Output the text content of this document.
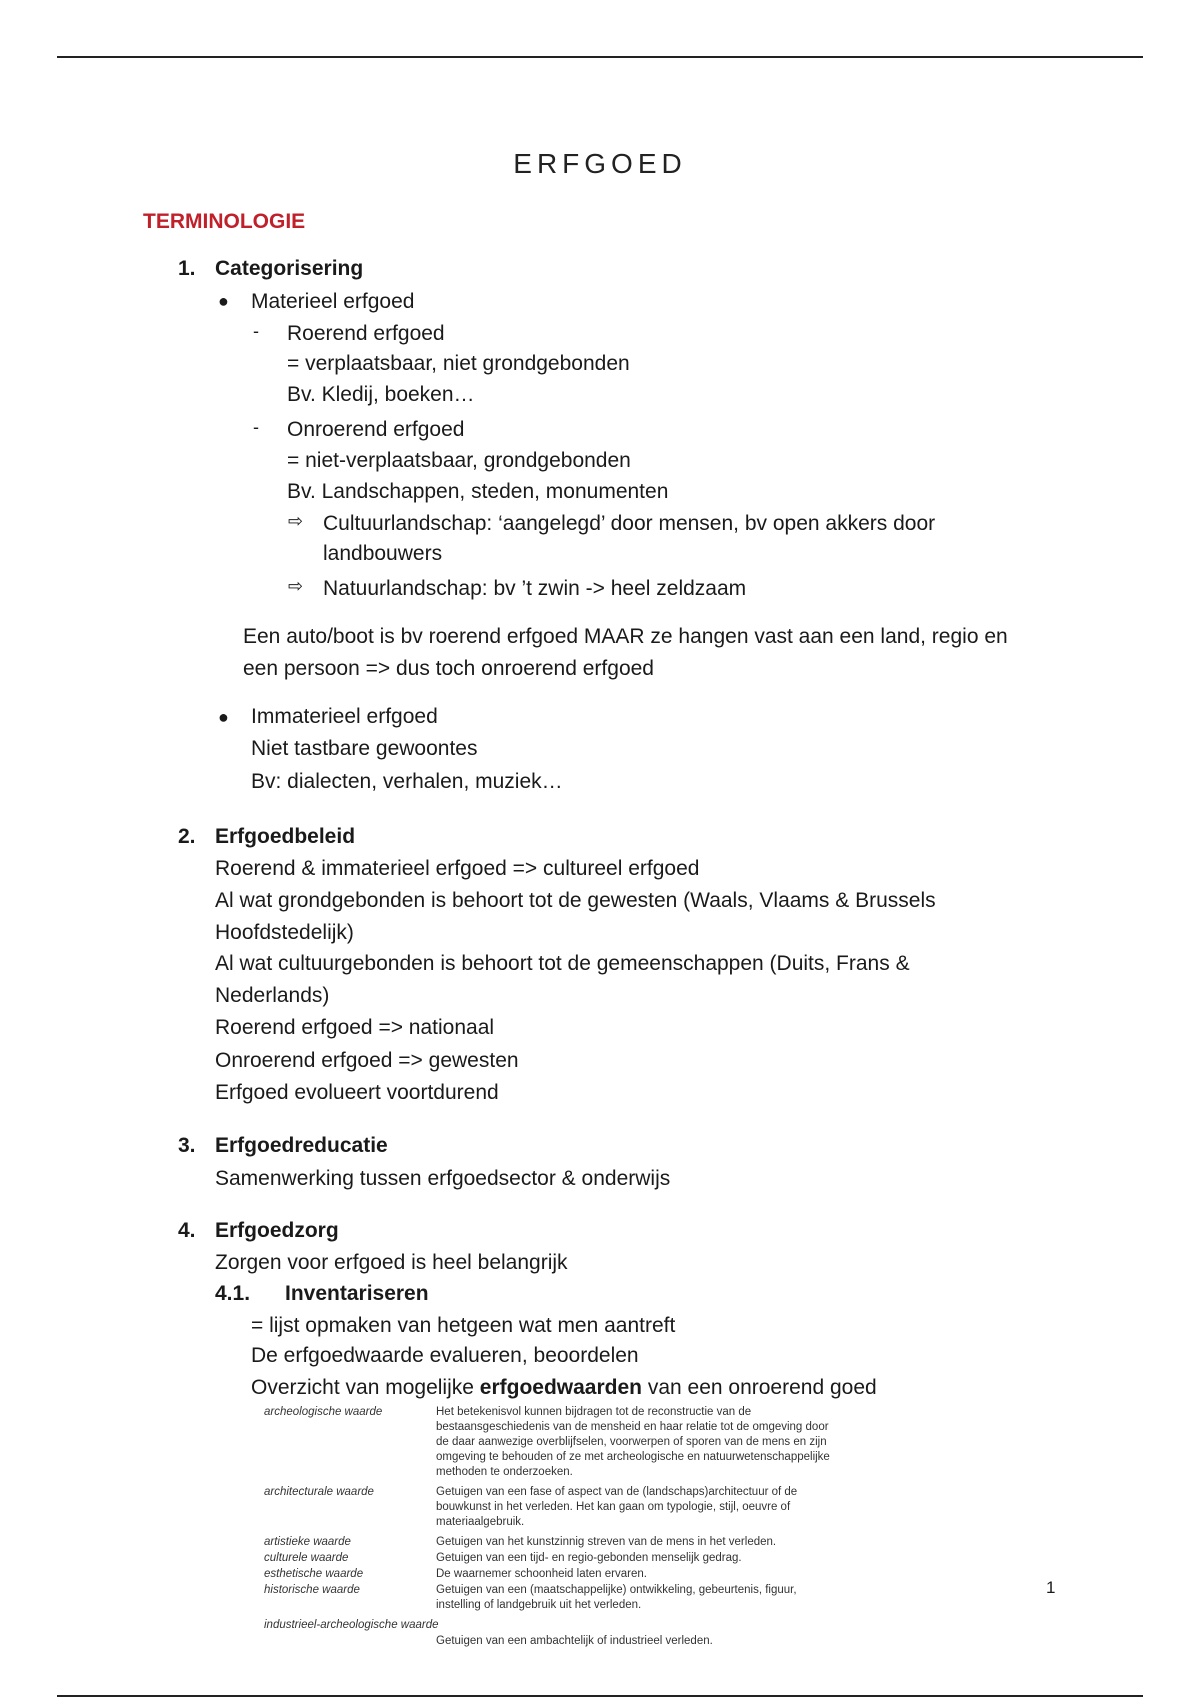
ERFGOED
TERMINOLOGIE
1. Categorisering
● Materieel erfgoed
- Roerend erfgoed
= verplaatsbaar, niet grondgebonden
Bv. Kledij, boeken…
- Onroerend erfgoed
= niet-verplaatsbaar, grondgebonden
Bv. Landschappen, steden, monumenten
⇨ Cultuurlandschap: ‘aangelegd’ door mensen, bv open akkers door
landbouwers
⇨ Natuurlandschap: bv ’t zwin -> heel zeldzaam
Een auto/boot is bv roerend erfgoed MAAR ze hangen vast aan een land, regio en
een persoon => dus toch onroerend erfgoed
● Immaterieel erfgoed
Niet tastbare gewoontes
Bv: dialecten, verhalen, muziek…
2. Erfgoedbeleid
Roerend & immaterieel erfgoed => cultureel erfgoed
Al wat grondgebonden is behoort tot de gewesten (Waals, Vlaams & Brussels
Hoofdstedelijk)
Al wat cultuurgebonden is behoort tot de gemeenschappen (Duits, Frans &
Nederlands)
Roerend erfgoed => nationaal
Onroerend erfgoed => gewesten
Erfgoed evolueert voortdurend
3. Erfgoedreducatie
Samenwerking tussen erfgoedsector & onderwijs
4. Erfgoedzorg
Zorgen voor erfgoed is heel belangrijk
4.1. Inventariseren
= lijst opmaken van hetgeen wat men aantreft
De erfgoedwaarde evalueren, beoordelen
Overzicht van mogelijke erfgoedwaarden van een onroerend goed
archeologische waarde	Het betekenisvol kunnen bijdragen tot de reconstructie van de bestaansgeschiedenis van de mensheid en haar relatie tot de omgeving door de daar aanwezige overblijfselen, voorwerpen of sporen van de mens en zijn omgeving te behouden of ze met archeologische en natuurwetenschappelijke methoden te onderzoeken.
architecturale waarde	Getuigen van een fase of aspect van de (landschaps)architectuur of de bouwkunst in het verleden. Het kan gaan om typologie, stijl, oeuvre of materiaalgebruik.
artistieke waarde	Getuigen van het kunstzinnig streven van de mens in het verleden.
culturele waarde	Getuigen van een tijd- en regio-gebonden menselijk gedrag.
esthetische waarde	De waarnemer schoonheid laten ervaren.
historische waarde	Getuigen van een (maatschappelijke) ontwikkeling, gebeurtenis, figuur, instelling of landgebruik uit het verleden.
industrieel-archeologische waarde
Getuigen van een ambachtelijk of industrieel verleden.
1
